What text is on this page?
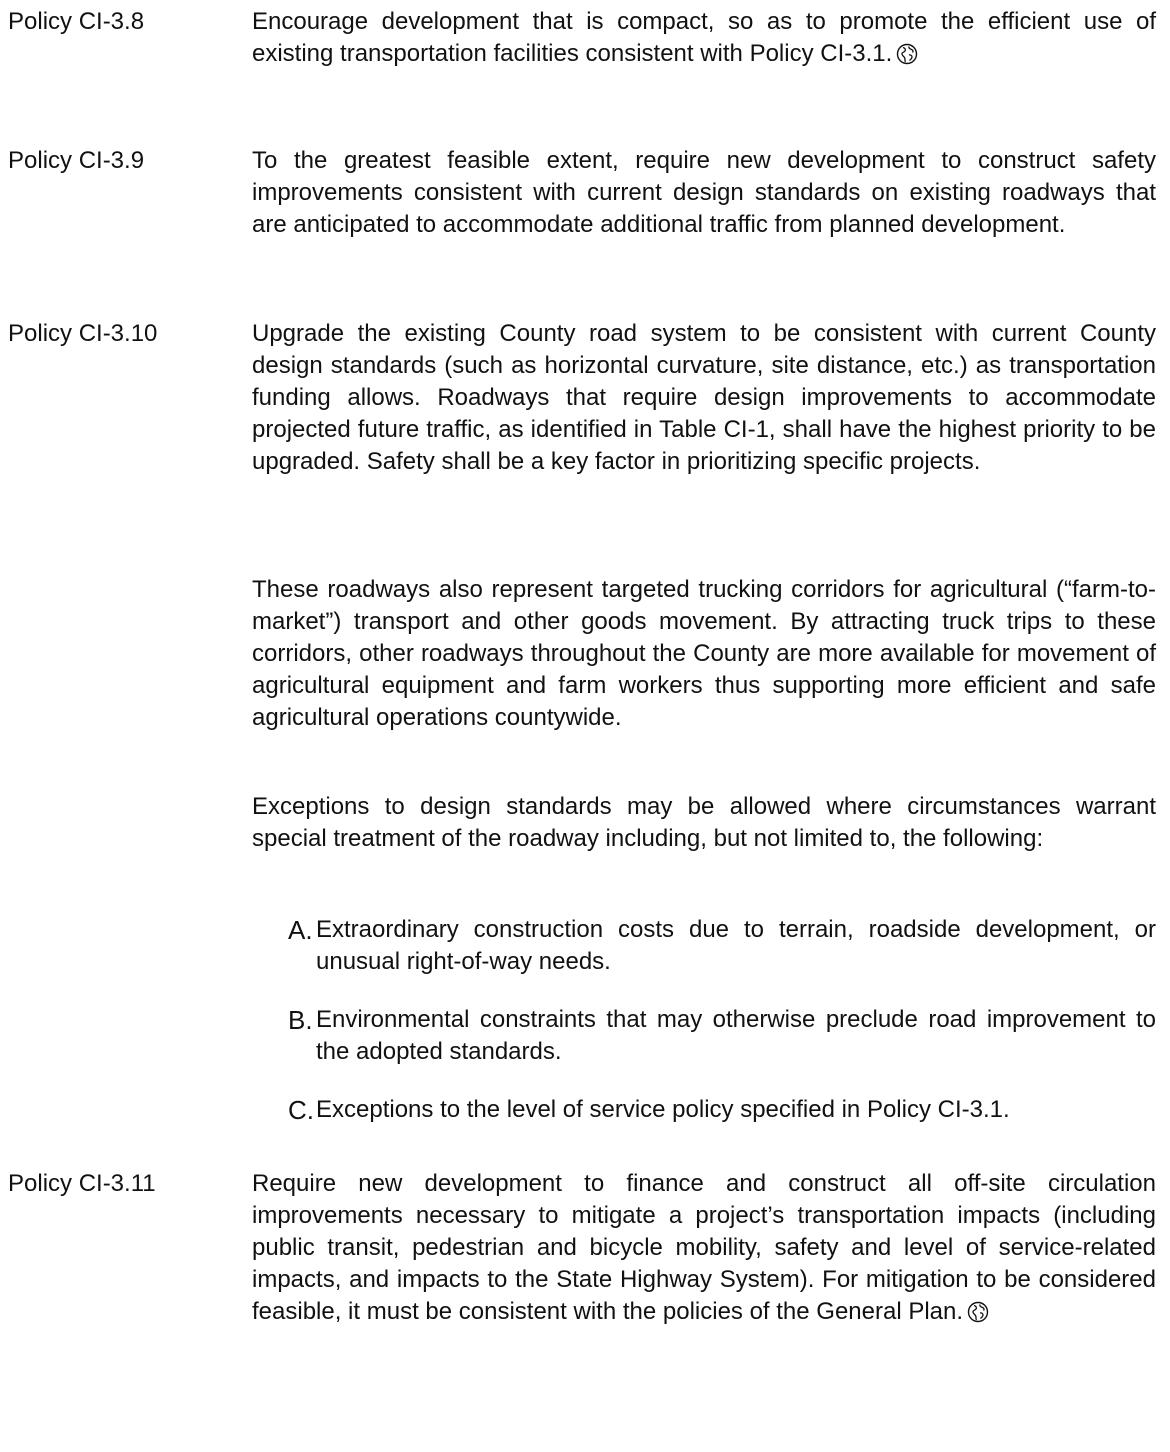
Policy CI-3.8	Encourage development that is compact, so as to promote the efficient use of existing transportation facilities consistent with Policy CI-3.1.

Policy CI-3.9	To the greatest feasible extent, require new development to construct safety improvements consistent with current design standards on existing roadways that are anticipated to accommodate additional traffic from planned development.

Policy CI-3.10	Upgrade the existing County road system to be consistent with current County design standards (such as horizontal curvature, site distance, etc.) as transportation funding allows. Roadways that require design improvements to accommodate projected future traffic, as identified in Table CI-1, shall have the highest priority to be upgraded. Safety shall be a key factor in prioritizing specific projects.

These roadways also represent targeted trucking corridors for agricultural (“farm-to-market”) transport and other goods movement. By attracting truck trips to these corridors, other roadways throughout the County are more available for movement of agricultural equipment and farm workers thus supporting more efficient and safe agricultural operations countywide.

Exceptions to design standards may be allowed where circumstances warrant special treatment of the roadway including, but not limited to, the following:

A. Extraordinary construction costs due to terrain, roadside development, or unusual right-of-way needs.
B. Environmental constraints that may otherwise preclude road improvement to the adopted standards.
C. Exceptions to the level of service policy specified in Policy CI-3.1.
Policy CI-3.11	Require new development to finance and construct all off-site circulation improvements necessary to mitigate a project’s transportation impacts (including public transit, pedestrian and bicycle mobility, safety and level of service-related impacts, and impacts to the State Highway System). For mitigation to be considered feasible, it must be consistent with the policies of the General Plan.
